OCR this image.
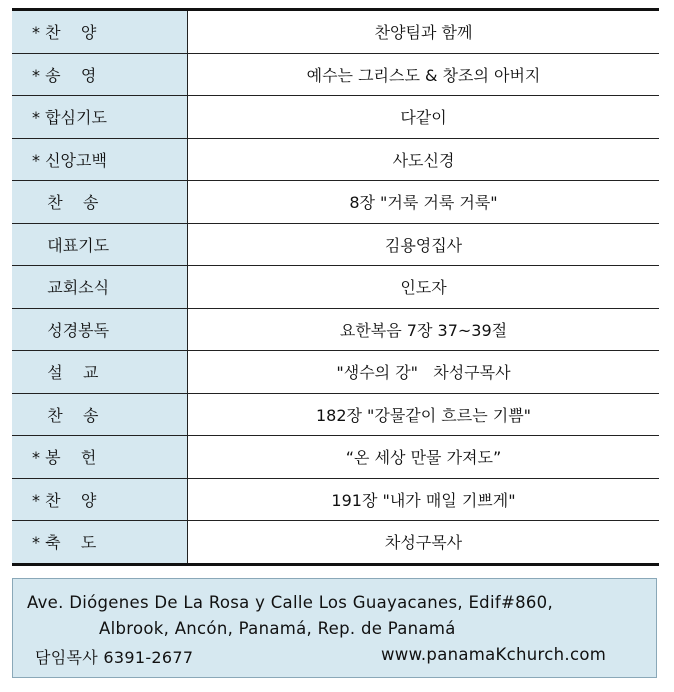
* 찬    양	찬양팀과 함께
* 송    영	예수는 그리스도 & 창조의 아버지
* 합심기도	다같이
* 신앙고백	사도신경
찬    송	8장 "거룩 거룩 거룩"
대표기도	김용영집사
교회소식	인도자
성경봉독	요한복음 7장 37~39절
설    교	"생수의 강"   차성구목사
찬    송	182장 "강물같이 흐르는 기쁨"
* 봉    헌	“온 세상 만물 가져도”
* 찬    양	191장 "내가 매일 기쁘게"
* 축    도	차성구목사
Ave. Diógenes De La Rosa y Calle Los Guayacanes, Edif#860,
Albrook, Ancón, Panamá, Rep. de Panamá
담임목사 6391-2677	www.panamaKchurch.com
